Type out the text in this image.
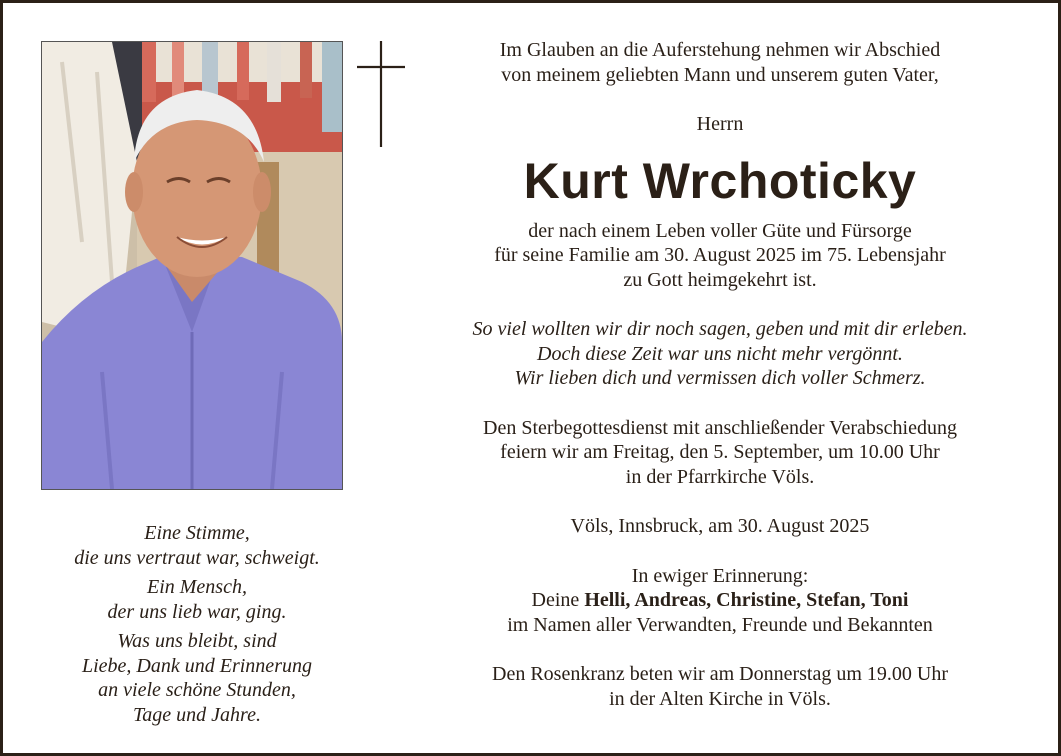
Eine Stimme,
die uns vertraut war, schweigt.
Ein Mensch,
der uns lieb war, ging.
Was uns bleibt, sind
Liebe, Dank und Erinnerung
an viele schöne Stunden,
Tage und Jahre.
Im Glauben an die Auferstehung nehmen wir Abschied
von meinem geliebten Mann und unserem guten Vater,
Herrn
Kurt Wrchoticky
der nach einem Leben voller Güte und Fürsorge
für seine Familie am 30. August 2025 im 75. Lebensjahr
zu Gott heimgekehrt ist.
So viel wollten wir dir noch sagen, geben und mit dir erleben.
Doch diese Zeit war uns nicht mehr vergönnt.
Wir lieben dich und vermissen dich voller Schmerz.
Den Sterbegottesdienst mit anschließender Verabschiedung
feiern wir am Freitag, den 5. September, um 10.00 Uhr
in der Pfarrkirche Völs.
Völs, Innsbruck, am 30. August 2025
In ewiger Erinnerung:
Deine Helli, Andreas, Christine, Stefan, Toni
im Namen aller Verwandten, Freunde und Bekannten
Den Rosenkranz beten wir am Donnerstag um 19.00 Uhr
in der Alten Kirche in Völs.
